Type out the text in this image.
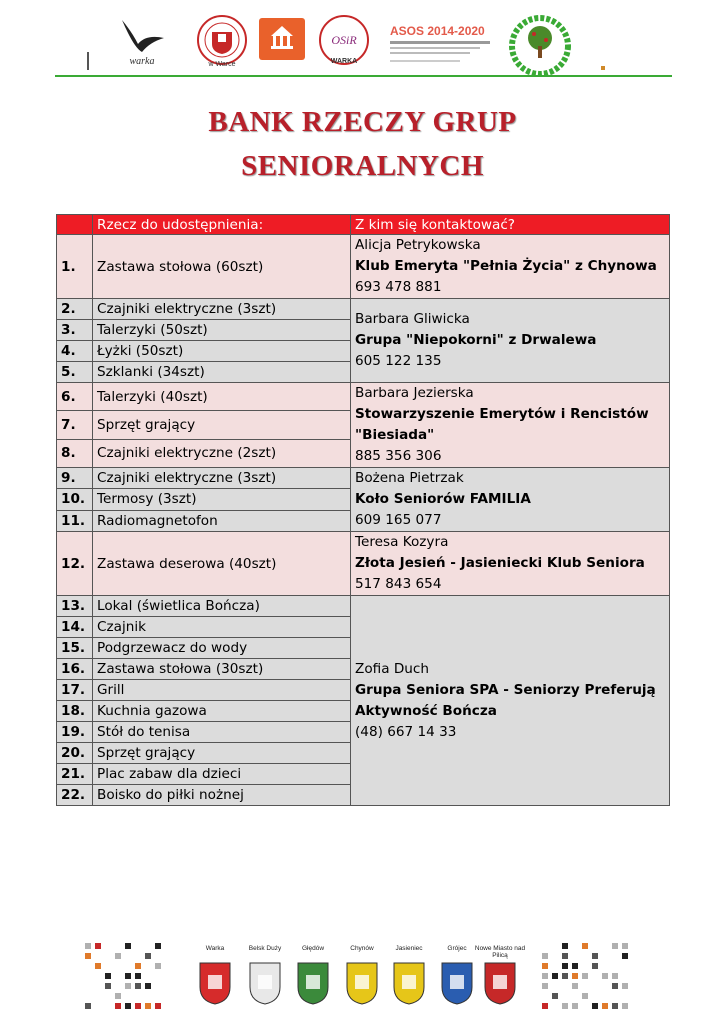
warka	w Warce
OSiR
WARKA
ASOS 2014-2020
BANK RZECZY GRUP
SENIORALNYCH
	Rzecz do udostępnienia:	Z kim się kontaktować?
1.	Zastawa stołowa (60szt)	Alicja Petrykowska
Klub Emeryta "Pełnia Życia" z Chynowa
693 478 881

2.	Czajniki elektryczne (3szt)	Barbara Gliwicka
Grupa "Niepokorni" z Drwalewa
605 122 135

3.	Talerzyki (50szt)	
4.	Łyżki (50szt)	
5.	Szklanki (34szt)	
6.	Talerzyki (40szt)	Barbara Jezierska
Stowarzyszenie Emerytów i Rencistów "Biesiada"
885 356 306

7.	Sprzęt grający	
8.	Czajniki elektryczne (2szt)	
9.	Czajniki elektryczne (3szt)	Bożena Pietrzak
Koło Seniorów FAMILIA
609 165 077

10.	Termosy (3szt)	
11.	Radiomagnetofon	
12.	Zastawa deserowa (40szt)	Teresa Kozyra
Złota Jesień - Jasieniecki Klub Seniora
517 843 654

13.	Lokal (świetlica Bończa)	Zofia Duch
Grupa Seniora SPA - Seniorzy Preferują Aktywność Bończa
(48) 667 14 33

14.	Czajnik	
15.	Podgrzewacz do wody	
16.	Zastawa stołowa (30szt)	
17.	Grill	
18.	Kuchnia gazowa	
19.	Stół do tenisa	
20.	Sprzęt grający	
21.	Plac zabaw dla dzieci	
22.	Boisko do piłki nożnej	
Warka	Belsk Duży	Głędów	Chynów	Jasieniec	Grójec	Nowe Miasto nad Pilicą
